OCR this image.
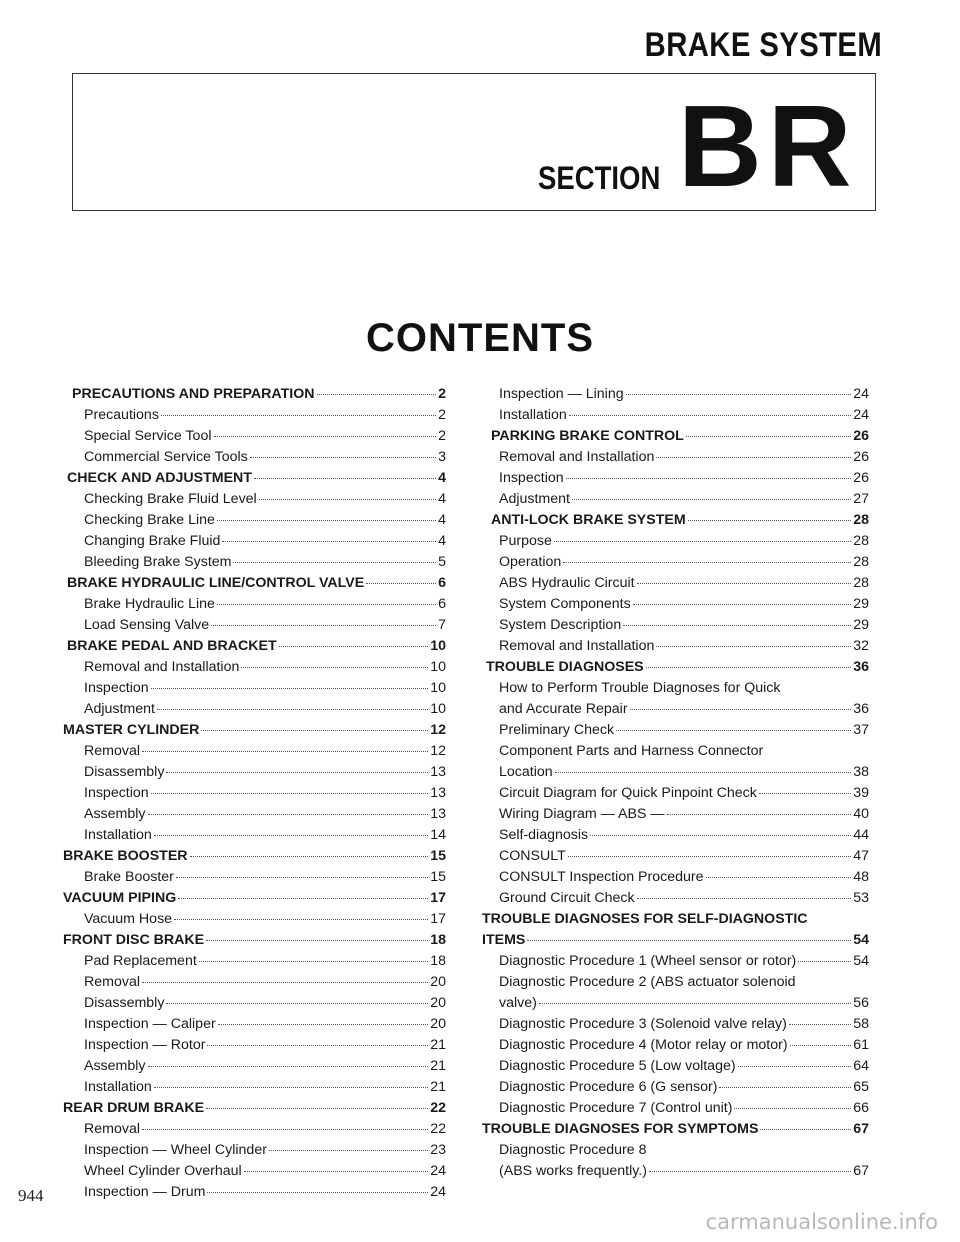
BRAKE SYSTEM
SECTION BR
CONTENTS
PRECAUTIONS AND PREPARATION	2
Precautions	2
Special Service Tool	2
Commercial Service Tools	3
CHECK AND ADJUSTMENT	4
Checking Brake Fluid Level	4
Checking Brake Line	4
Changing Brake Fluid	4
Bleeding Brake System	5
BRAKE HYDRAULIC LINE/CONTROL VALVE	6
Brake Hydraulic Line	6
Load Sensing Valve	7
BRAKE PEDAL AND BRACKET	10
Removal and Installation	10
Inspection	10
Adjustment	10
MASTER CYLINDER	12
Removal	12
Disassembly	13
Inspection	13
Assembly	13
Installation	14
BRAKE BOOSTER	15
Brake Booster	15
VACUUM PIPING	17
Vacuum Hose	17
FRONT DISC BRAKE	18
Pad Replacement	18
Removal	20
Disassembly	20
Inspection — Caliper	20
Inspection — Rotor	21
Assembly	21
Installation	21
REAR DRUM BRAKE	22
Removal	22
Inspection — Wheel Cylinder	23
Wheel Cylinder Overhaul	24
Inspection — Drum	24
Inspection — Lining	24
Installation	24
PARKING BRAKE CONTROL	26
Removal and Installation	26
Inspection	26
Adjustment	27
ANTI-LOCK BRAKE SYSTEM	28
Purpose	28
Operation	28
ABS Hydraulic Circuit	28
System Components	29
System Description	29
Removal and Installation	32
TROUBLE DIAGNOSES	36
How to Perform Trouble Diagnoses for Quick
and Accurate Repair	36
Preliminary Check	37
Component Parts and Harness Connector
Location	38
Circuit Diagram for Quick Pinpoint Check	39
Wiring Diagram — ABS —	40
Self-diagnosis	44
CONSULT	47
CONSULT Inspection Procedure	48
Ground Circuit Check	53
TROUBLE DIAGNOSES FOR SELF-DIAGNOSTIC
ITEMS	54
Diagnostic Procedure 1 (Wheel sensor or rotor)	54
Diagnostic Procedure 2 (ABS actuator solenoid
valve)	56
Diagnostic Procedure 3 (Solenoid valve relay)	58
Diagnostic Procedure 4 (Motor relay or motor)	61
Diagnostic Procedure 5 (Low voltage)	64
Diagnostic Procedure 6 (G sensor)	65
Diagnostic Procedure 7 (Control unit)	66
TROUBLE DIAGNOSES FOR SYMPTOMS	67
Diagnostic Procedure 8
(ABS works frequently.)	67
944
carmanualsonline.info
